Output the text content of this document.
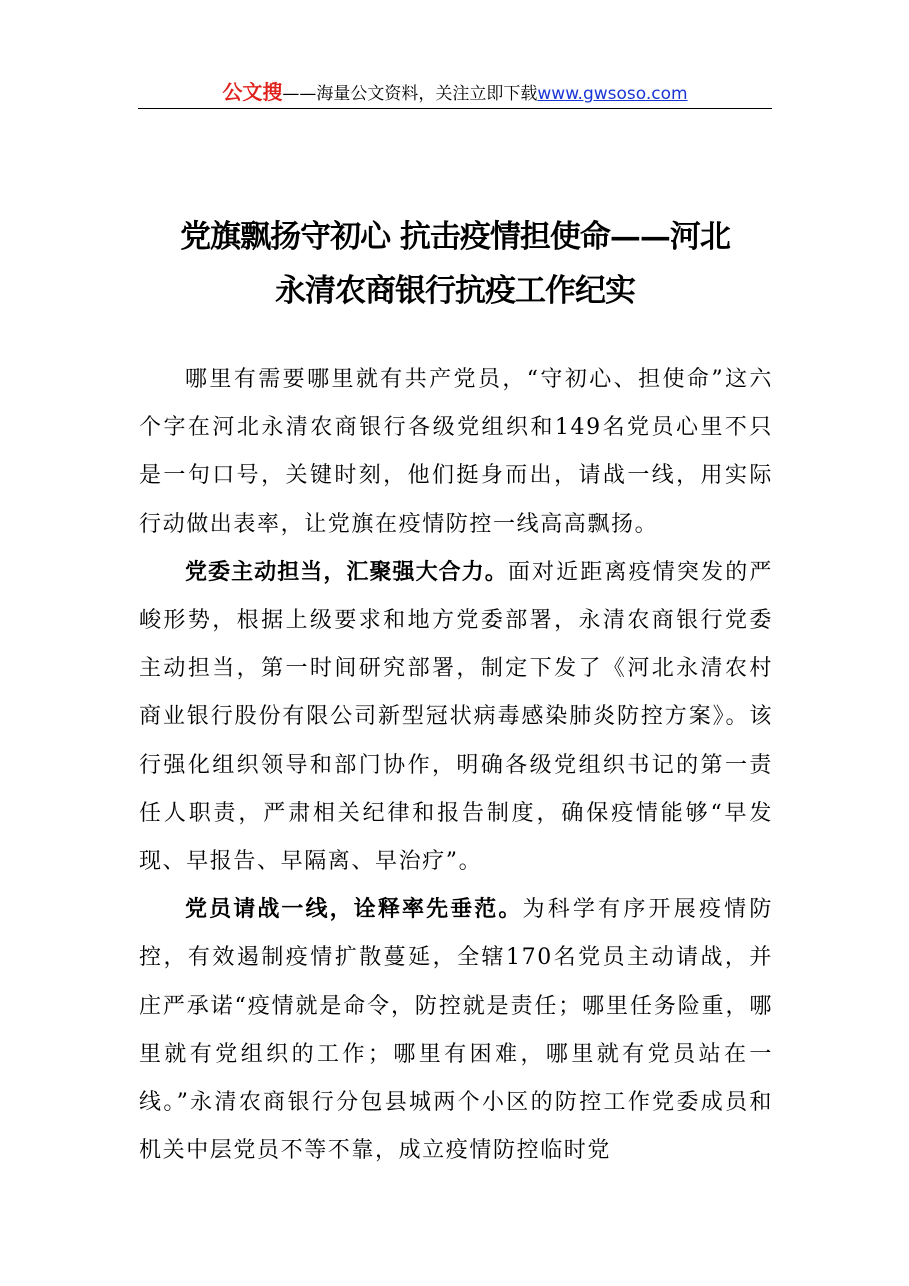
公文搜——海量公文资料，关注立即下载www.gwsoso.com
党旗飘扬守初心 抗击疫情担使命——河北
永清农商银行抗疫工作纪实

哪里有需要哪里就有共产党员，“守初心、担使命”这六个字在河北永清农商银行各级党组织和149名党员心里不只是一句口号，关键时刻，他们挺身而出，请战一线，用实际行动做出表率，让党旗在疫情防控一线高高飘扬。

党委主动担当，汇聚强大合力。面对近距离疫情突发的严峻形势，根据上级要求和地方党委部署，永清农商银行党委主动担当，第一时间研究部署，制定下发了《河北永清农村商业银行股份有限公司新型冠状病毒感染肺炎防控方案》。该行强化组织领导和部门协作，明确各级党组织书记的第一责任人职责，严肃相关纪律和报告制度，确保疫情能够“早发现、早报告、早隔离、早治疗”。

党员请战一线，诠释率先垂范。为科学有序开展疫情防控，有效遏制疫情扩散蔓延，全辖170名党员主动请战，并庄严承诺“疫情就是命令，防控就是责任；哪里任务险重，哪里就有党组织的工作；哪里有困难，哪里就有党员站在一线。”永清农商银行分包县城两个小区的防控工作党委成员和机关中层党员不等不靠，成立疫情防控临时党
